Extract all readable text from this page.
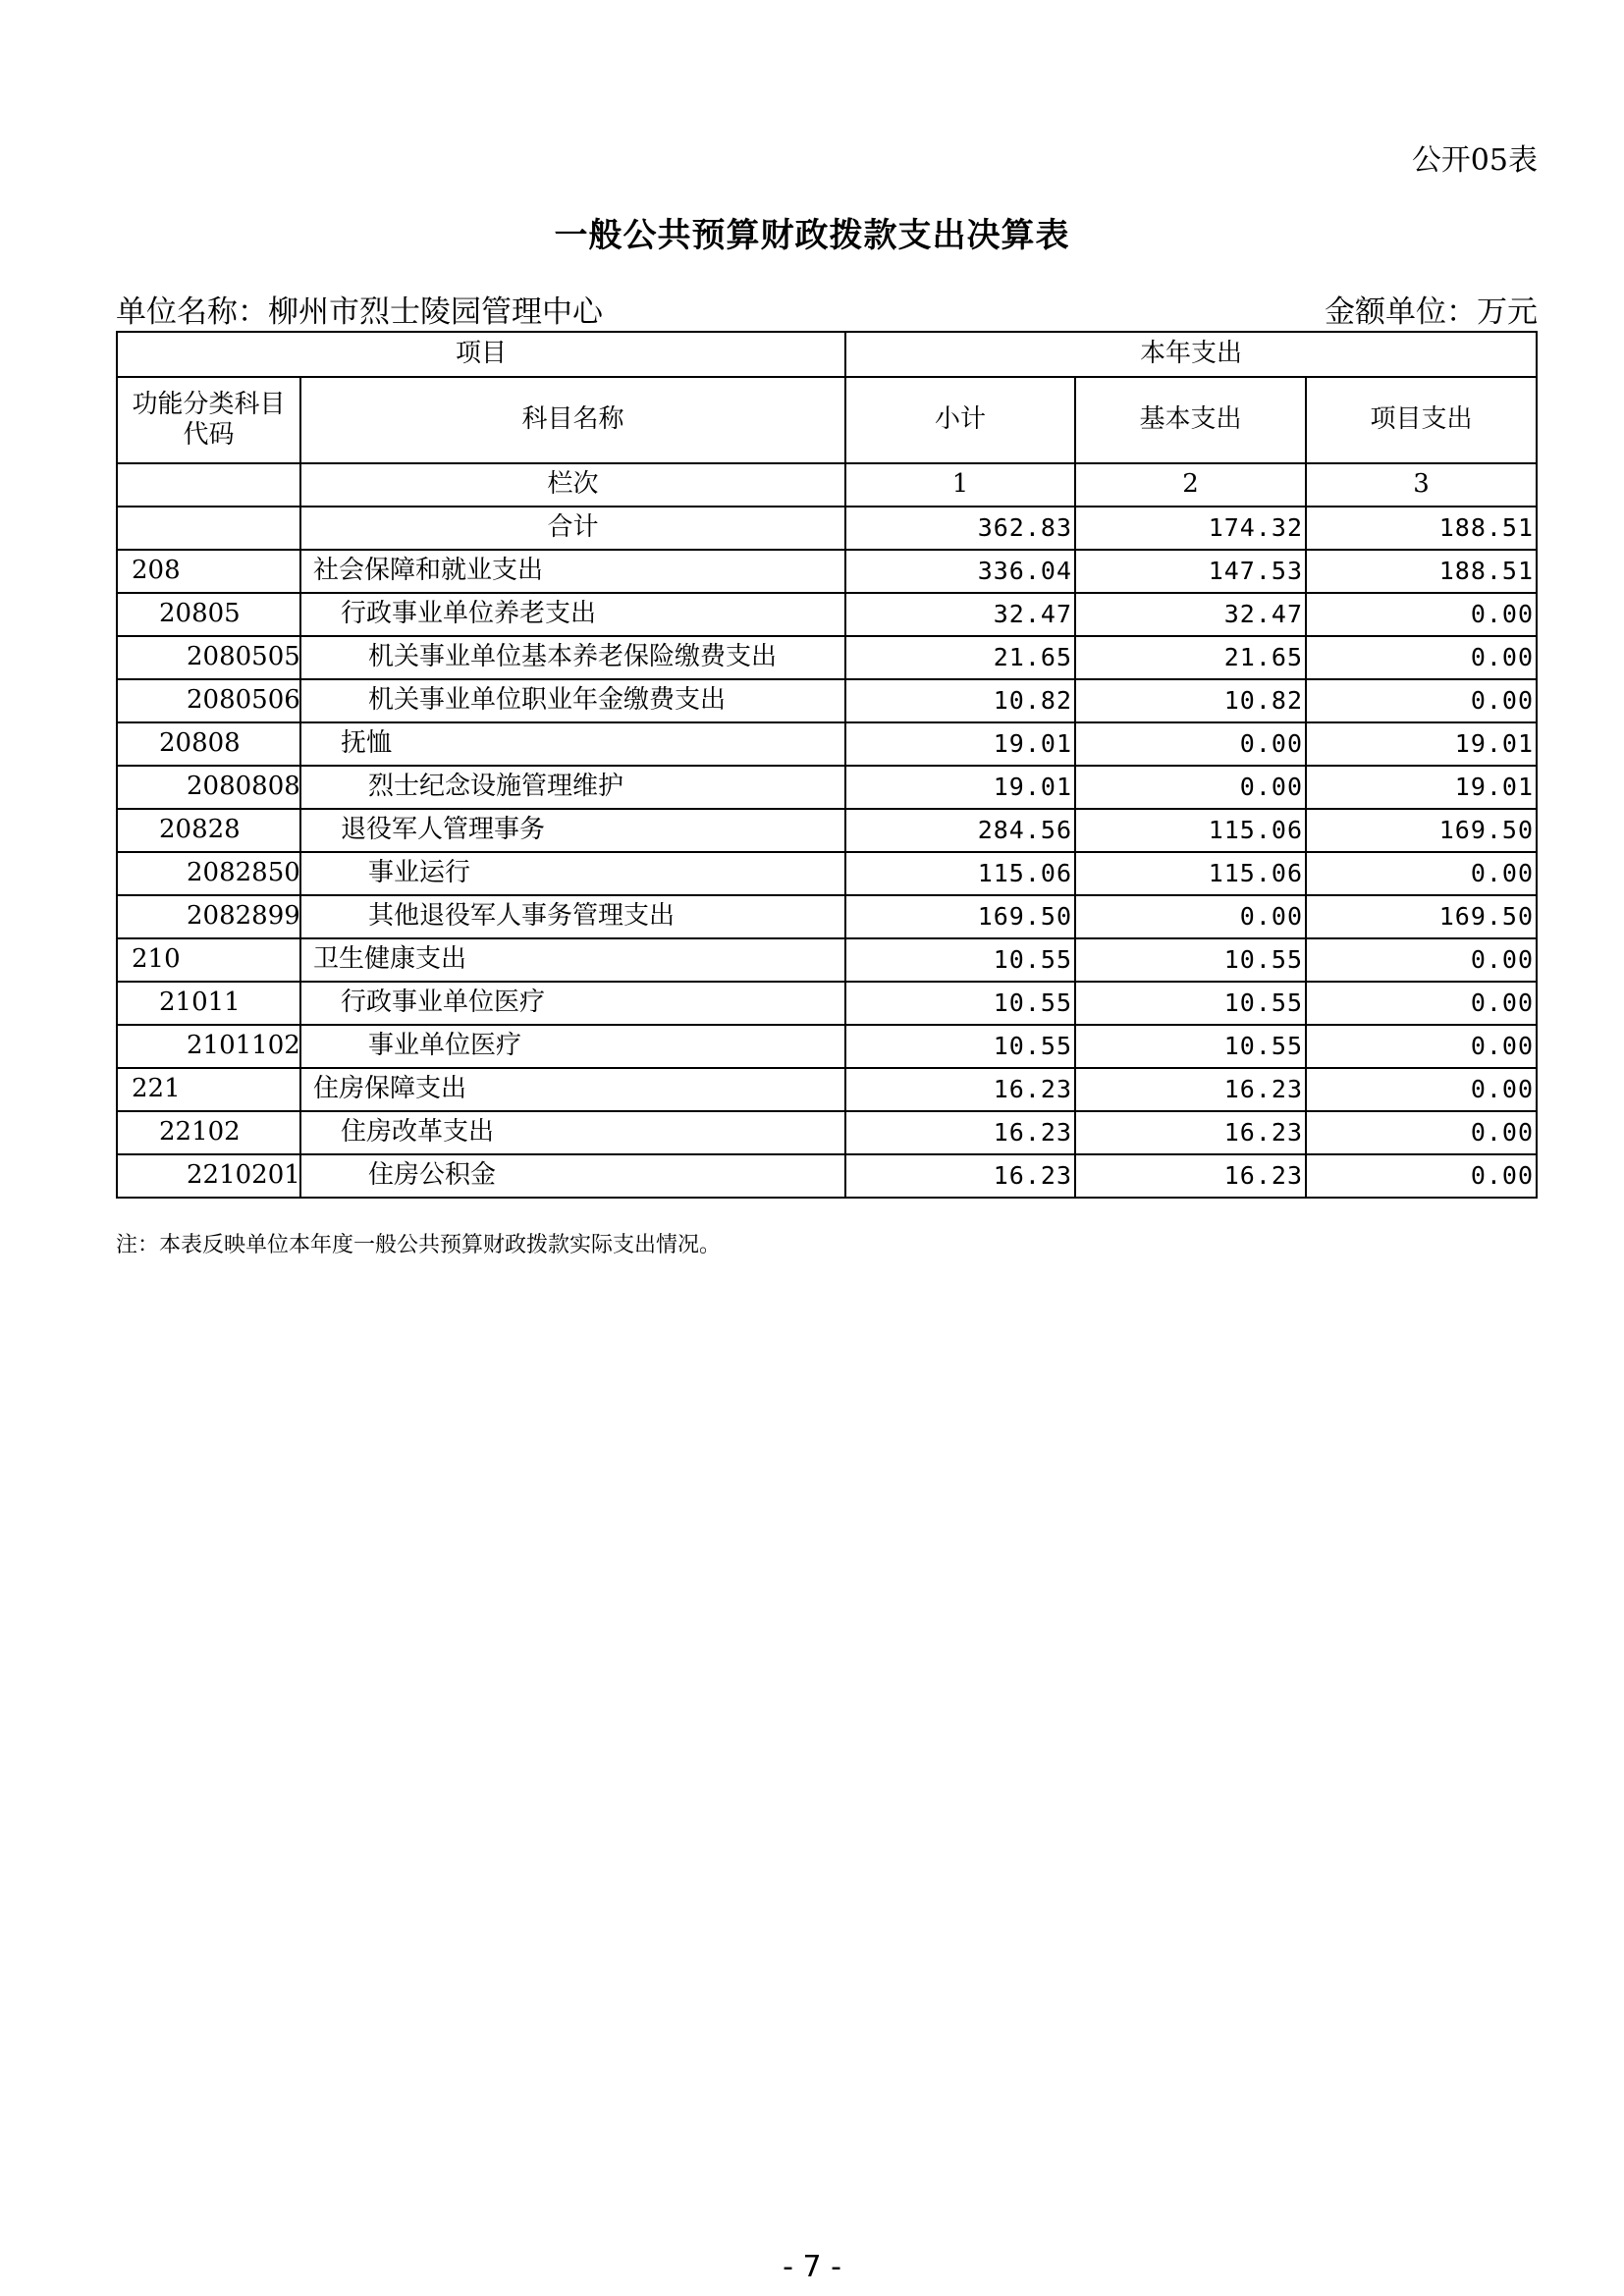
公开05表
一般公共预算财政拨款支出决算表
单位名称：柳州市烈士陵园管理中心	金额单位：万元
项目		本年支出		
功能分类科目代码	科目名称	小计	基本支出	项目支出
	栏次	1	2	3
	合计	362.83	174.32	188.51
208	社会保障和就业支出	336.04	147.53	188.51
20805	行政事业单位养老支出	32.47	32.47	0.00
2080505	机关事业单位基本养老保险缴费支出	21.65	21.65	0.00
2080506	机关事业单位职业年金缴费支出	10.82	10.82	0.00
20808	抚恤	19.01	0.00	19.01
2080808	烈士纪念设施管理维护	19.01	0.00	19.01
20828	退役军人管理事务	284.56	115.06	169.50
2082850	事业运行	115.06	115.06	0.00
2082899	其他退役军人事务管理支出	169.50	0.00	169.50
210	卫生健康支出	10.55	10.55	0.00
21011	行政事业单位医疗	10.55	10.55	0.00
2101102	事业单位医疗	10.55	10.55	0.00
221	住房保障支出	16.23	16.23	0.00
22102	住房改革支出	16.23	16.23	0.00
2210201	住房公积金	16.23	16.23	0.00
注：本表反映单位本年度一般公共预算财政拨款实际支出情况。
- 7 -
